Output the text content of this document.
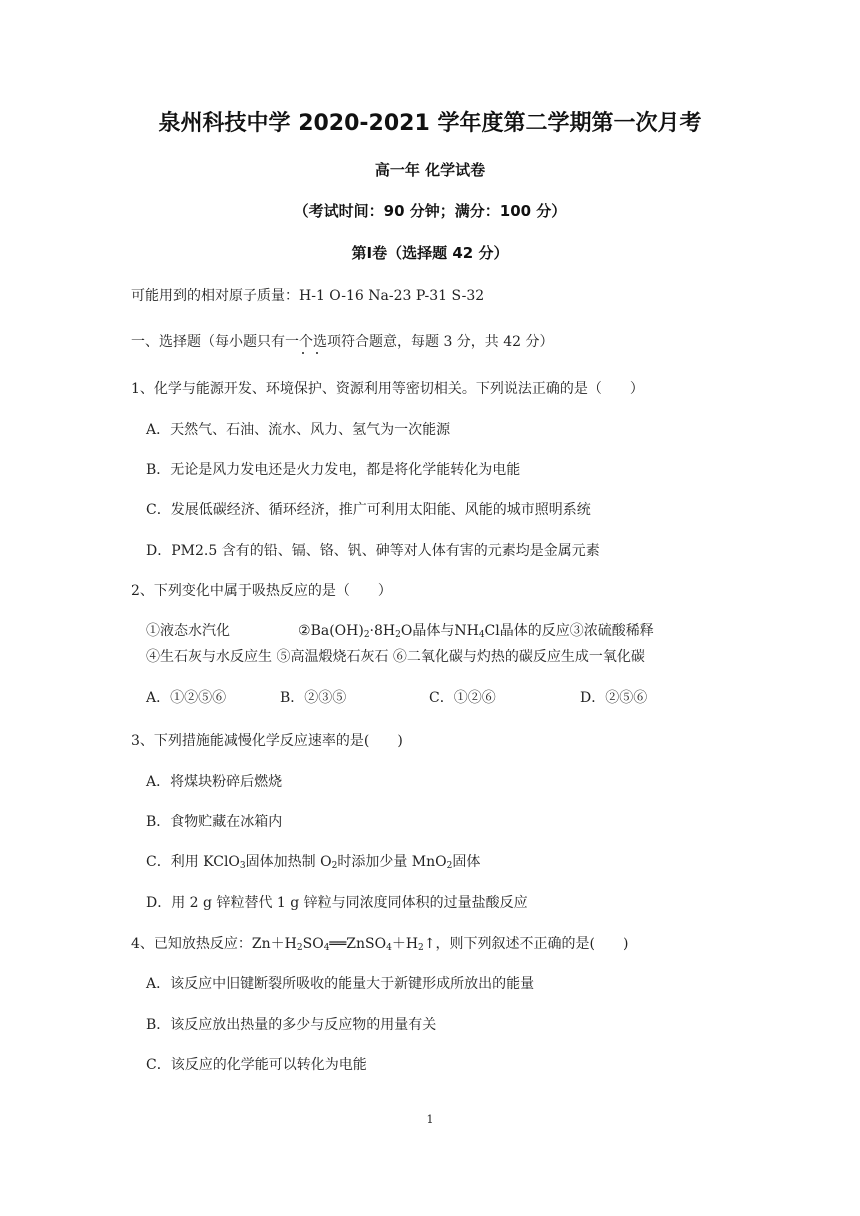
泉州科技中学 2020-2021 学年度第二学期第一次月考
高一年 化学试卷
（考试时间：90 分钟；满分：100 分）
第Ⅰ卷（选择题 42 分）
可能用到的相对原子质量：H-1 O-16 Na-23 P-31 S-32
一、选择题（每小题只有一个选项符合题意，每题 3 分，共 42 分）
1、化学与能源开发、环境保护、资源利用等密切相关。下列说法正确的是（　　）
A．天然气、石油、流水、风力、氢气为一次能源
B．无论是风力发电还是火力发电，都是将化学能转化为电能
C．发展低碳经济、循环经济，推广可利用太阳能、风能的城市照明系统
D．PM2.5 含有的铅、镉、铬、钒、砷等对人体有害的元素均是金属元素
2、下列变化中属于吸热反应的是（　　）
①液态水汽化	$②Ba(OH)_2\cdot 8H_2O$晶体与$NH_4Cl$晶体的反应③浓硫酸稀释
④生石灰与水反应生 ⑤高温煅烧石灰石 ⑥二氧化碳与灼热的碳反应生成一氧化碳
A．①②⑤⑥	B．②③⑤	C．①②⑥	D．②⑤⑥
3、下列措施能减慢化学反应速率的是(　　)
A．将煤块粉碎后燃烧
B．食物贮藏在冰箱内
C．利用 KClO$_3$固体加热制 $O_2$时添加少量 MnO$_2$固体
D．用 2 g 锌粒替代 1 g 锌粒与同浓度同体积的过量盐酸反应
4、已知放热反应：$Zn+H_2SO_4══ZnSO_4+H_2↑$，则下列叙述不正确的是(　　)
A．该反应中旧键断裂所吸收的能量大于新键形成所放出的能量
B．该反应放出热量的多少与反应物的用量有关
C．该反应的化学能可以转化为电能
1
